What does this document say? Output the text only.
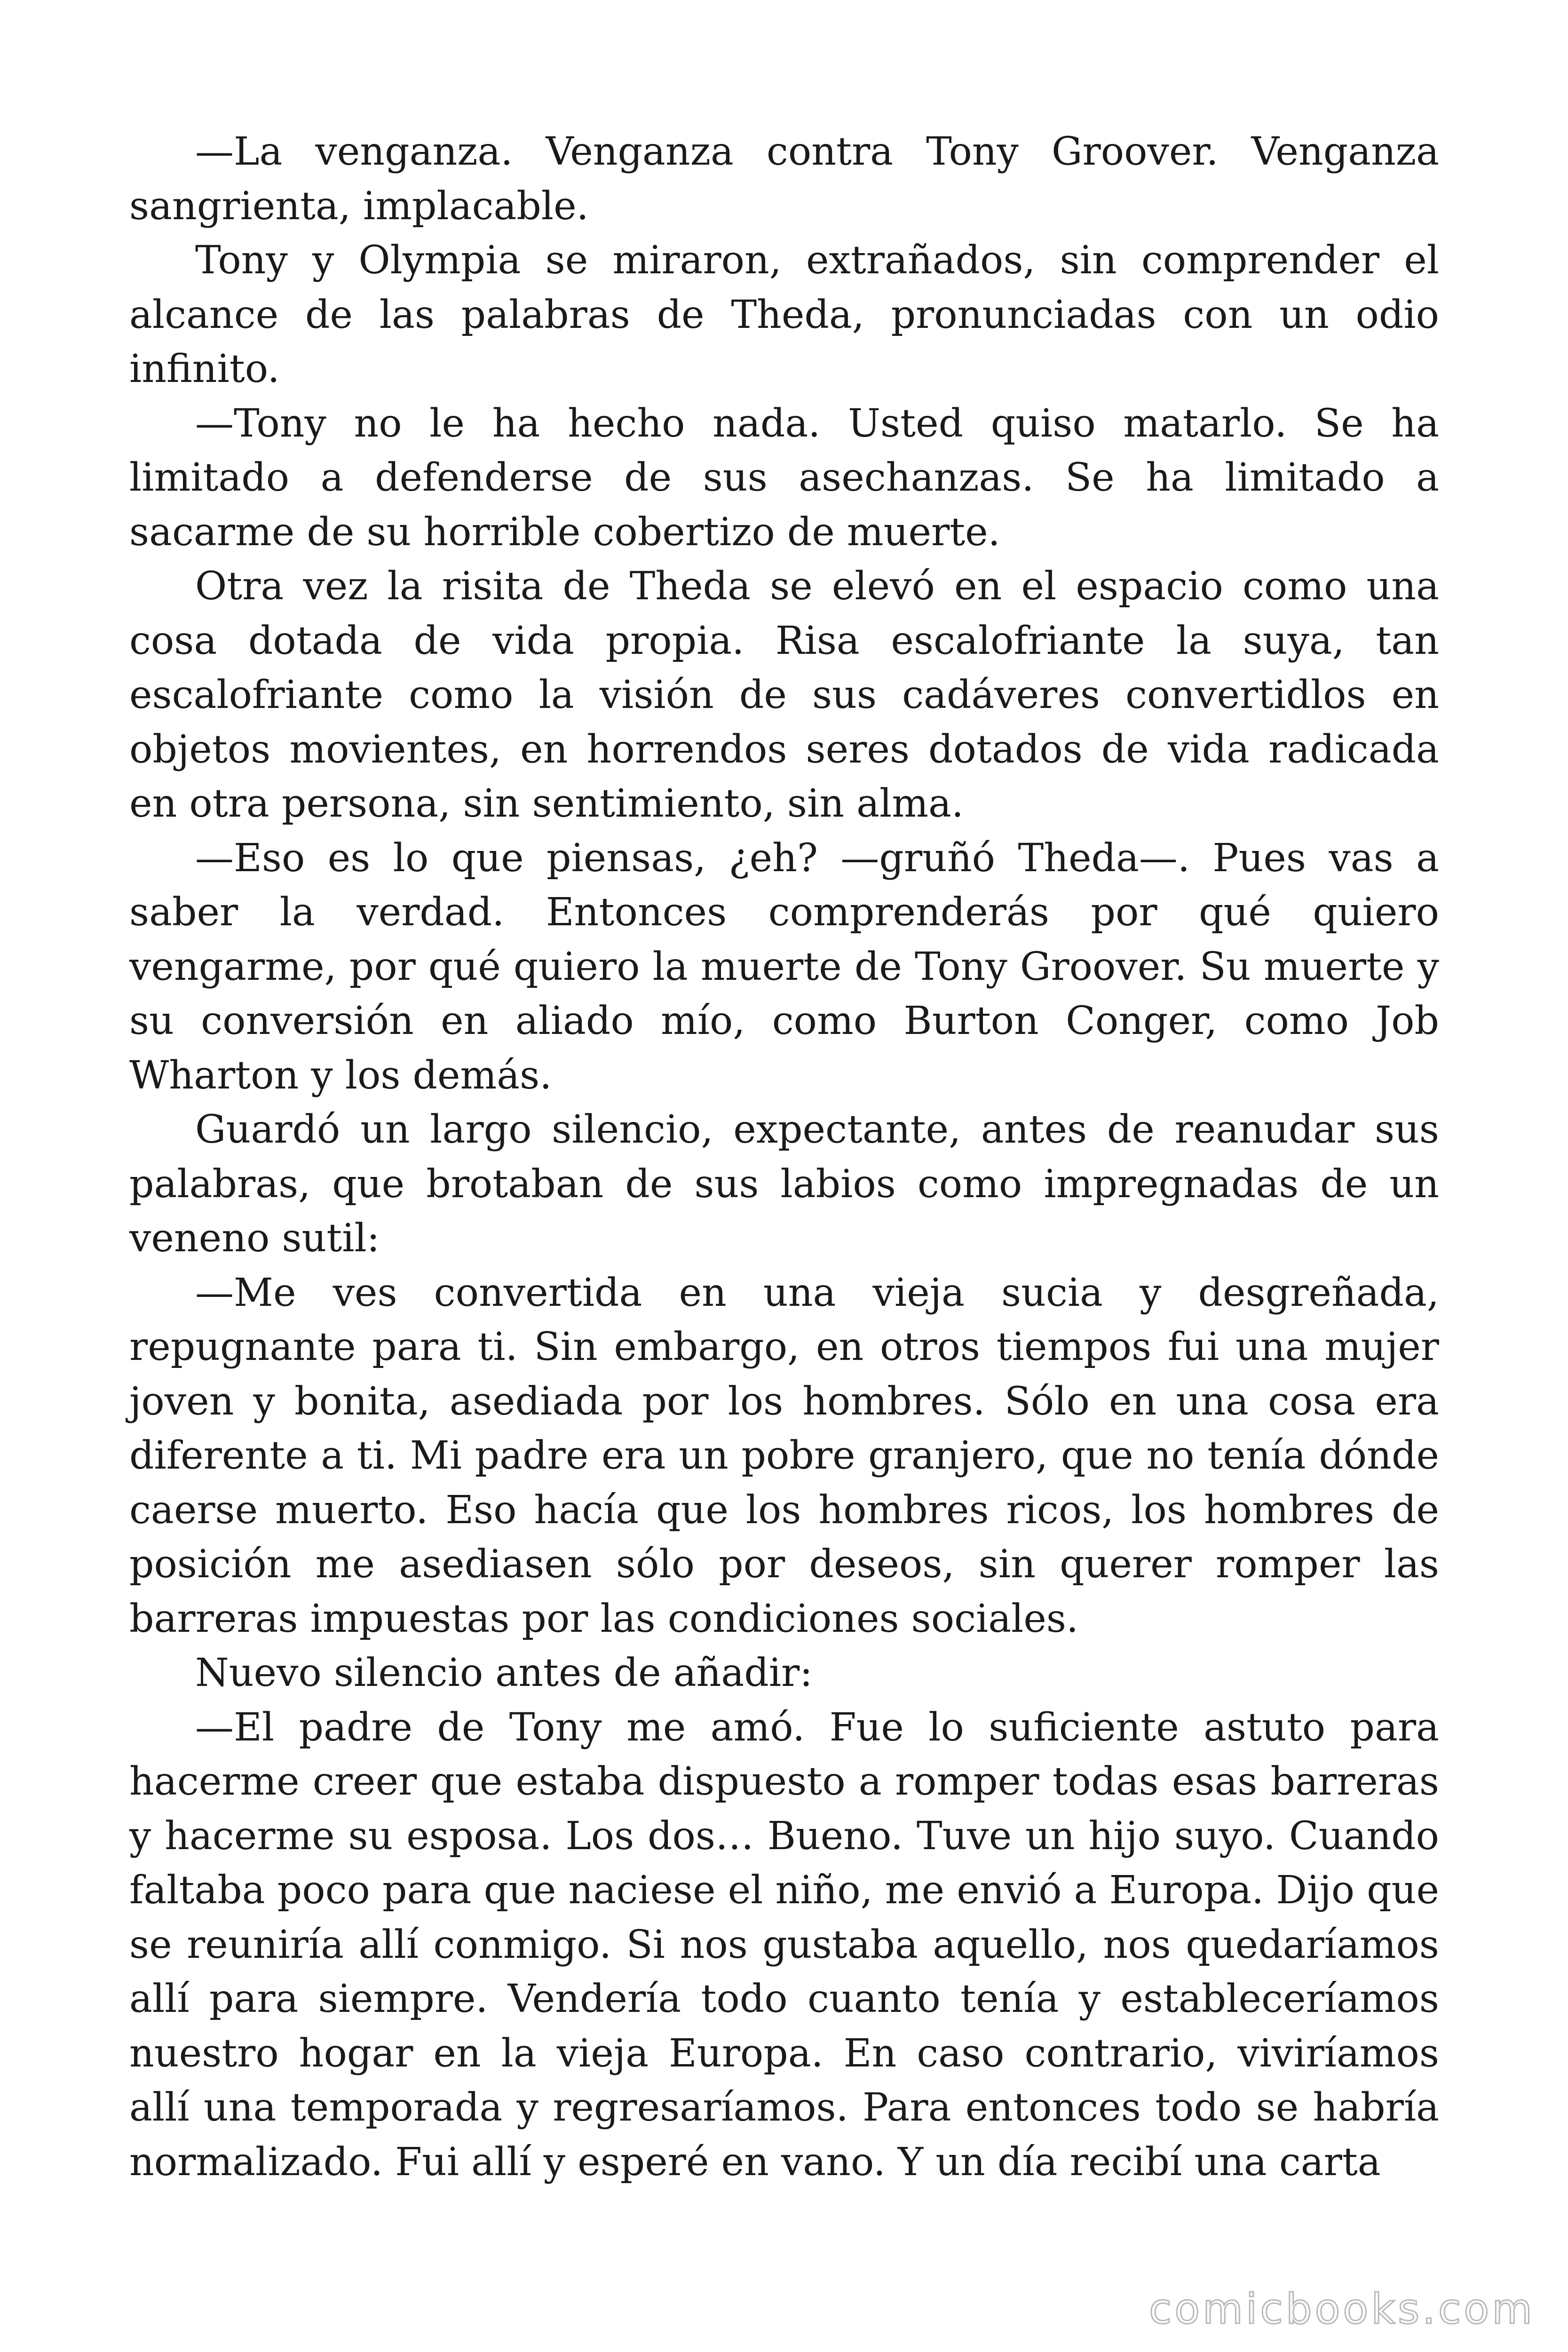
—La venganza. Venganza contra Tony Groover. Venganza sangrienta, implacable.

Tony y Olympia se miraron, extrañados, sin comprender el alcance de las palabras de Theda, pronunciadas con un odio infinito.

—Tony no le ha hecho nada. Usted quiso matarlo. Se ha limitado a defenderse de sus asechanzas. Se ha limitado a sacarme de su horrible cobertizo de muerte.

Otra vez la risita de Theda se elevó en el espacio como una cosa dotada de vida propia. Risa escalofriante la suya, tan escalofriante como la visión de sus cadáveres convertidlos en objetos movientes, en horrendos seres dotados de vida radicada en otra persona, sin sentimiento, sin alma.

—Eso es lo que piensas, ¿eh? —gruñó Theda—. Pues vas a saber la verdad. Entonces comprenderás por qué quiero vengarme, por qué quiero la muerte de Tony Groover. Su muerte y su conversión en aliado mío, como Burton Conger, como Job Wharton y los demás.

Guardó un largo silencio, expectante, antes de reanudar sus palabras, que brotaban de sus labios como impregnadas de un veneno sutil:

—Me ves convertida en una vieja sucia y desgreñada, repugnante para ti. Sin embargo, en otros tiempos fui una mujer joven y bonita, asediada por los hombres. Sólo en una cosa era diferente a ti. Mi padre era un pobre granjero, que no tenía dónde caerse muerto. Eso hacía que los hombres ricos, los hombres de posición me asediasen sólo por deseos, sin querer romper las barreras impuestas por las condiciones sociales.

Nuevo silencio antes de añadir:

—El padre de Tony me amó. Fue lo suficiente astuto para hacerme creer que estaba dispuesto a romper todas esas barreras y hacerme su esposa. Los dos… Bueno. Tuve un hijo suyo. Cuando faltaba poco para que naciese el niño, me envió a Europa. Dijo que se reuniría allí conmigo. Si nos gustaba aquello, nos quedaríamos allí para siempre. Vendería todo cuanto tenía y estableceríamos nuestro hogar en la vieja Europa. En caso contrario, viviríamos allí una temporada y regresaríamos. Para entonces todo se habría normalizado. Fui allí y esperé en vano. Y un día recibí una carta

comicbooks.com
